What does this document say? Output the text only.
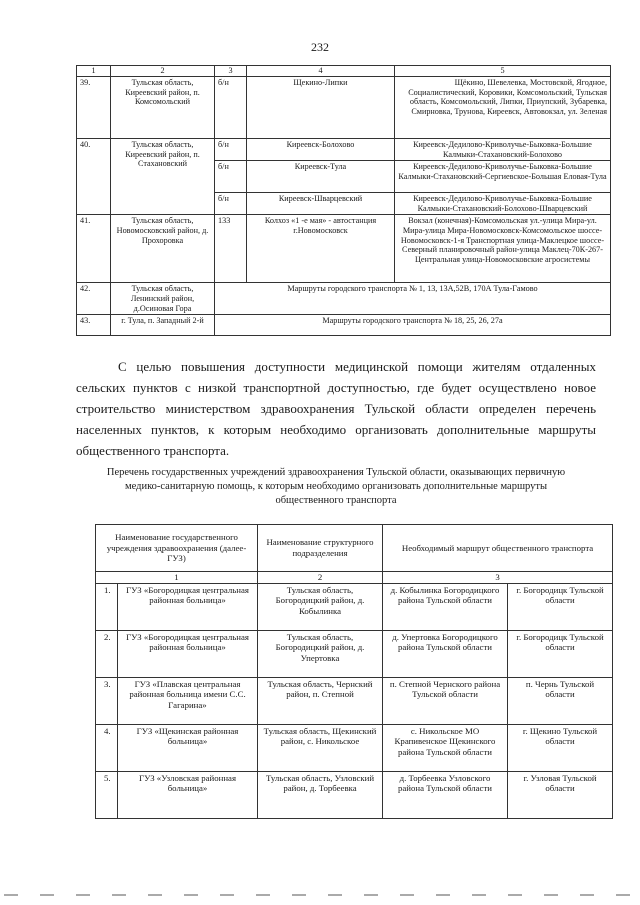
232
1	2	3	4	5
39.	Тульская область, Киреевский район, п. Комсомольский	б/н	Щекино-Липки	Щёкино, Шевелевка, Мостовской, Ягодное, Социалистический, Коровики, Комсомольский, Тульская область, Комсомольский, Липки, Приупский, Зубаревка, Смирновка, Трунова, Киреевск, Автовокзал, ул. Зеленая
40.	Тульская область, Киреевский район, п. Стахановский	б/н	Киреевск-Болохово	Киреевск-Дедилово-Криволучье-Быковка-Большие Калмыки-Стахановский-Болохово
		б/н	Киреевск-Тула	Киреевск-Дедилово-Криволучье-Быковка-Большие Калмыки-Стахановский-Сергиевское-Большая Еловая-Тула
		б/н	Киреевск-Шварцевский	Киреевск-Дедилово-Криволучье-Быковка-Большие Калмыки-Стахановский-Болохово-Шварцевский
41.	Тульская область, Новомосковский район, д. Прохоровка	133	Колхоз «1 -е мая» - автостанция г.Новомосковск	Вокзал (конечная)-Комсомольская ул.-улица Мира-ул. Мира-улица Мира-Новомосковск-Комсомольское шоссе-Новомосковск-1-я Транспортная улица-Маклецкое шоссе-Северный планировочный район-улица Маклец-70К-267-Центральная улица-Новомосковские агросистемы
42.	Тульская область, Ленинский район, д.Осиновая Гора	Маршруты городского транспорта № 1, 13, 13А,52В, 170А Тула-Гамово		
43.	г. Тула, п. Западный 2-й	Маршруты городского транспорта № 18, 25, 26, 27а		

С целью повышения доступности медицинской помощи жителям отдаленных сельских пунктов с низкой транспортной доступностью, где будет осуществлено новое строительство министерством здравоохранения Тульской области определен перечень населенных пунктов, к которым необходимо организовать дополнительные маршруты общественного транспорта.

Перечень государственных учреждений здравоохранения Тульской области, оказывающих первичную медико-санитарную помощь, к которым необходимо организовать дополнительные маршруты общественного транспорта

Наименование государственного учреждения здравоохранения (далее-ГУЗ)		Наименование структурного подразделения	Необходимый маршрут общественного транспорта	
1		2	3	
1.	ГУЗ «Богородицкая центральная районная больница»	Тульская область, Богородицкий район, д. Кобылинка	д. Кобылинка Богородицкого района Тульской области	г. Богородицк Тульской области
2.	ГУЗ «Богородицкая центральная районная больница»	Тульская область, Богородицкий район, д. Упертовка	д. Упертовка Богородицкого района Тульской области	г. Богородицк Тульской области
3.	ГУЗ «Плавская центральная районная больница имени С.С. Гагарина»	Тульская область, Чернский район, п. Степной	п. Степной Чернского района Тульской области	п. Чернь Тульской области
4.	ГУЗ «Щекинская районная больница»	Тульская область, Щекинский район, с. Никольское	с. Никольское МО Крапивенское Щекинского района Тульской области	г. Щекино Тульской области
5.	ГУЗ «Узловская районная больница»	Тульская область, Узловский район, д. Торбеевка	д. Торбеевка Узловского района Тульской области	г. Узловая Тульской области
